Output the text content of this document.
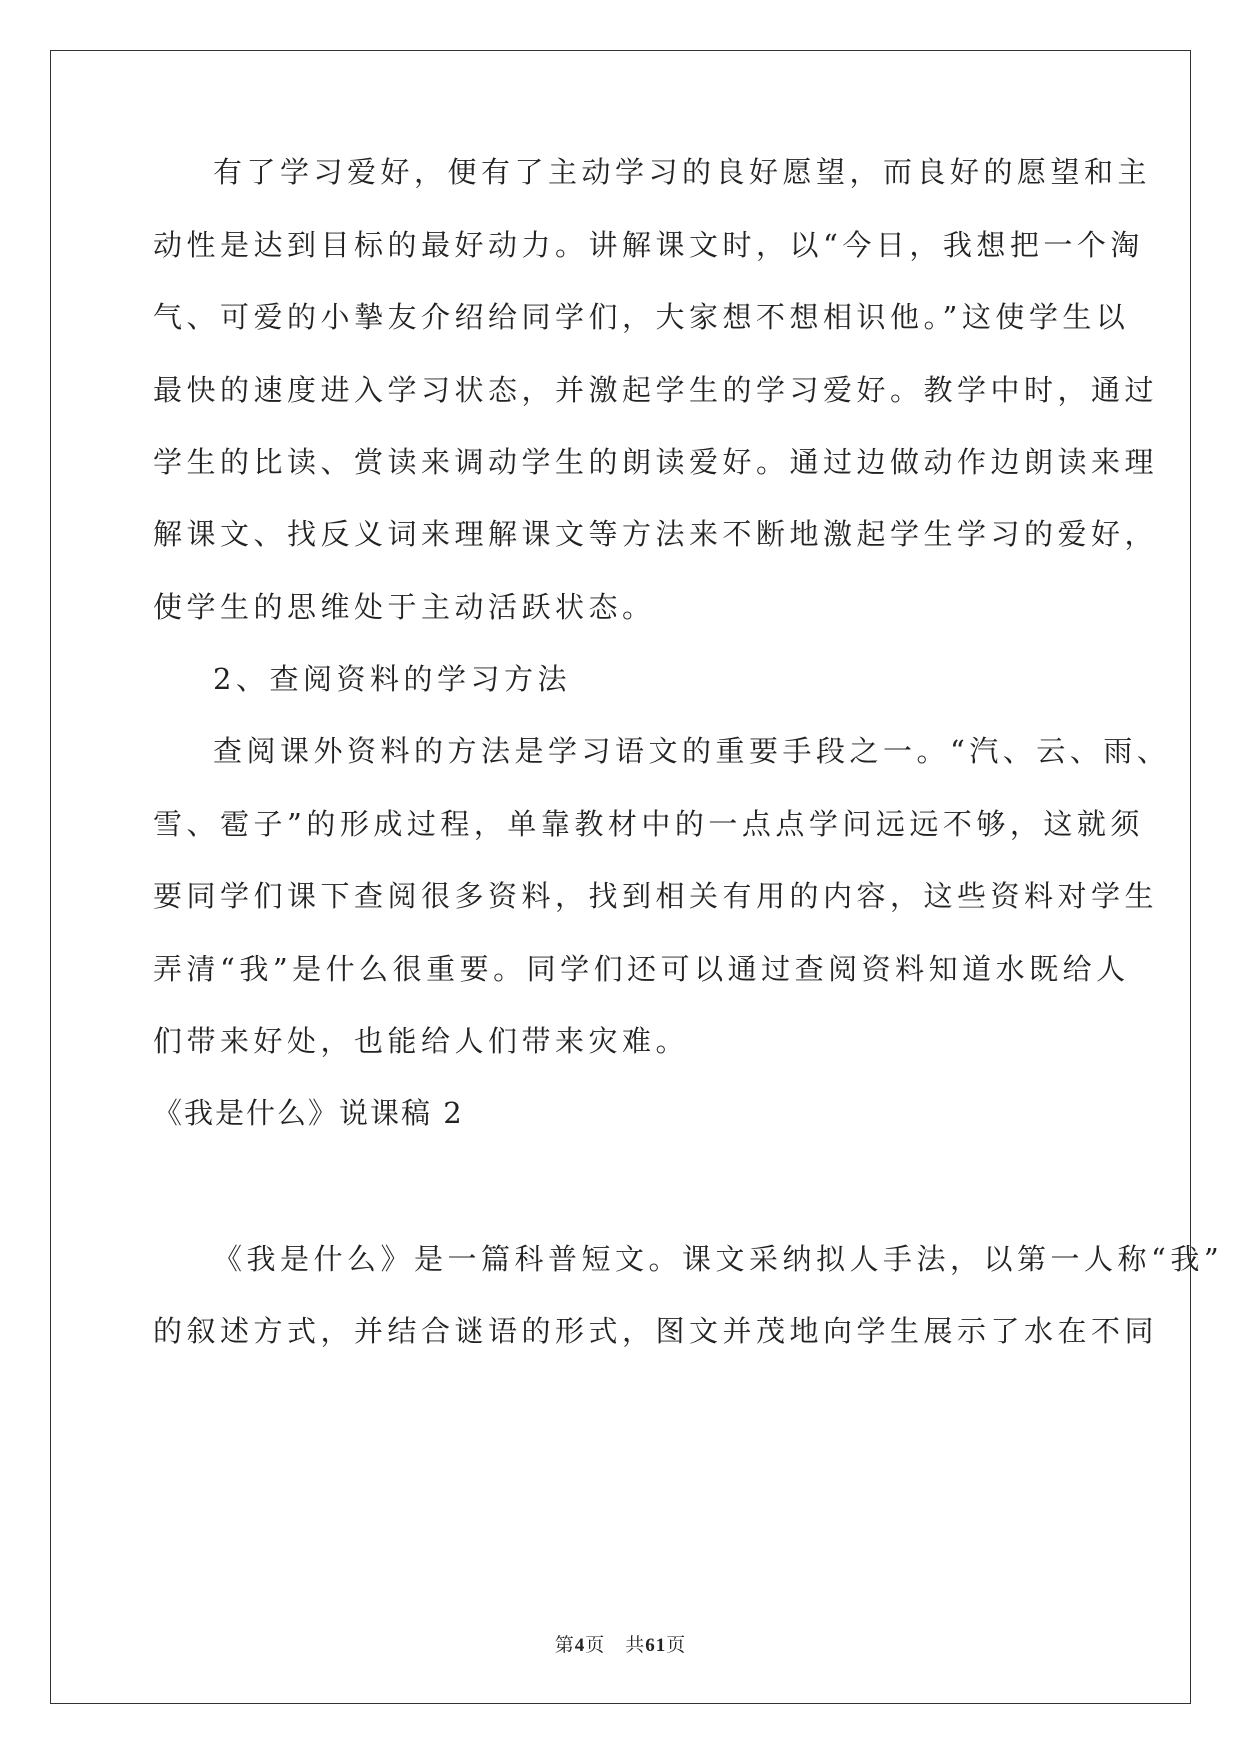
有了学习爱好，便有了主动学习的良好愿望，而良好的愿望和主
动性是达到目标的最好动力。讲解课文时，以“今日，我想把一个淘
气、可爱的小摯友介绍给同学们，大家想不想相识他。”这使学生以
最快的速度进入学习状态，并激起学生的学习爱好。教学中时，通过
学生的比读、赏读来调动学生的朗读爱好。通过边做动作边朗读来理
解课文、找反义词来理解课文等方法来不断地激起学生学习的爱好，
使学生的思维处于主动活跃状态。
2、查阅资料的学习方法
查阅课外资料的方法是学习语文的重要手段之一。“汽、云、雨、
雪、雹子”的形成过程，单靠教材中的一点点学问远远不够，这就须
要同学们课下查阅很多资料，找到相关有用的内容，这些资料对学生
弄清“我”是什么很重要。同学们还可以通过查阅资料知道水既给人
们带来好处，也能给人们带来灾难。
《我是什么》说课稿 2
《我是什么》是一篇科普短文。课文采纳拟人手法，以第一人称“我”
的叙述方式，并结合谜语的形式，图文并茂地向学生展示了水在不同
第4页　共61页
